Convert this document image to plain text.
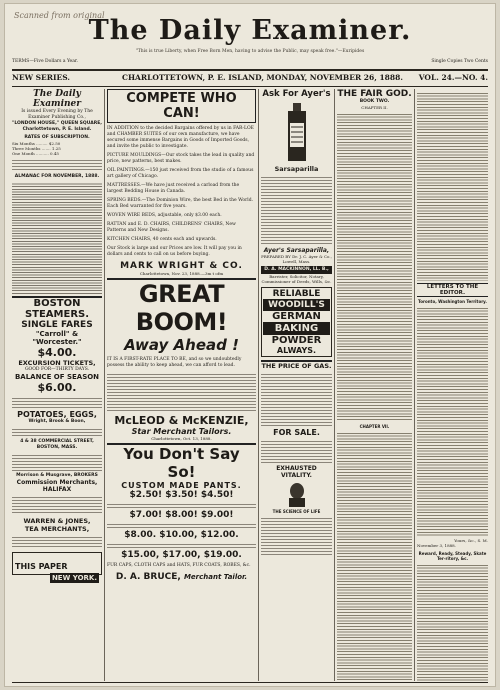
Scanned from original
The Daily Examiner.
"This is true Liberty, when Free Born Men, having to advise the Public, may speak free."—Euripides
TERMS—Five Dollars a Year.	Single Copies Two Cents
NEW SERIES.	CHARLOTTETOWN, P. E. ISLAND, MONDAY, NOVEMBER 26, 1888. VOL. 24.—NO. 4.
The Daily Examiner
Is issued Every Evening by The Examiner Publishing Co.,
"LONDON HOUSE," QUEEN SQUARE, Charlottetown, P. E. Island.
RATES OF SUBSCRIPTION.
Six Months ......... $2.50
Three Months ....... 1.25
One Month .......... 0.45
ALMANAC FOR NOVEMBER, 1888.
BOSTON STEAMERS.
SINGLE FARES
"Carroll" & "Worcester."
$4.00.
EXCURSION TICKETS,
GOOD FOR—THIRTY DAYS.
BALANCE OF SEASON
$6.00.
POTATOES, EGGS,
Wright, Brook & Boon,
4 & 38 COMMERCIAL STREET, BOSTON, MASS.
Morrison & Musgrave, BROKERS
Commission Merchants, HALIFAX
WARREN & JONES,
TEA MERCHANTS,
THIS PAPER
NEW YORK.
COMPETE WHO CAN!
IN ADDITION to the decided Bargains offered by us in FAR-LOE and CHAMBER SUITES of our own manufacture, we have secured some immense Bargains in Goods of Imported Goods, and invite the public to investigate.
PICTURE MOULDINGS—Our stock takes the lead in quality and price, new patterns, best makes.
OIL PAINTINGS.—150 just received from the studio of a famous art gallery of Chicago.
MATTRESSES.—We have just received a carload from the largest Bedding House in Canada.
SPRING BEDS.—The Dominion Wire, the best Bed in the World. Each Bed warranted for five years.
WOVEN WIRE BEDS, adjustable, only $3.00 each.
RATTAN and E. D. CHAIRS, CHILDRENS' CHAIRS, New Patterns and New Designs.
KITCHEN CHAIRS, 40 cents each and upwards.
Our Stock is large and our Prices are low. It will pay you in dollars and cents to call on us before buying.
MARK WRIGHT & CO.
Charlottetown, Nov. 23, 1888.—3m t ofm
GREAT BOOM!
Away Ahead !
IT IS A FIRST-RATE PLACE TO BE, and so we undoubtedly possess the ability to keep ahead, we can afford to lead.
McLEOD & McKENZIE,
Star Merchant Tailors.
Charlottetown, Oct. 13, 1888.
You Don't Say So!
CUSTOM MADE PANTS.
$2.50! $3.50! $4.50!
$7.00! $8.00! $9.00!
$8.00. $10.00, $12.00.
$15.00, $17.00, $19.00.
FUR CAPS, CLOTH CAPS and HATS, FUR COATS, ROBES, &c.
D. A. BRUCE, Merchant Tailor.
Ask For Ayer's
Sarsaparilla
Ayer's Sarsaparilla,
PREPARED BY Dr. J. C. Ayer & Co., Lowell, Mass.
D. A. MACKINNON, LL. B.,
Barrister, Solicitor, Notary, Commissioner of Deeds, Wills, &c.
RELIABLE
WOODILL'S
GERMAN
BAKING
POWDER
ALWAYS.
THE PRICE OF GAS.
FOR SALE.
EXHAUSTED VITALITY.
THE SCIENCE OF LIFE
THE FAIR GOD.
BOOK TWO.
CHAPTER II.
CHAPTER VII.
LETTERS TO THE EDITOR.
Toronto, Washington Territory.
Yours, &c., S. M.
November 3, 1888.
Reward, Ready, Steady, Skate Ter-ritory, &c.
